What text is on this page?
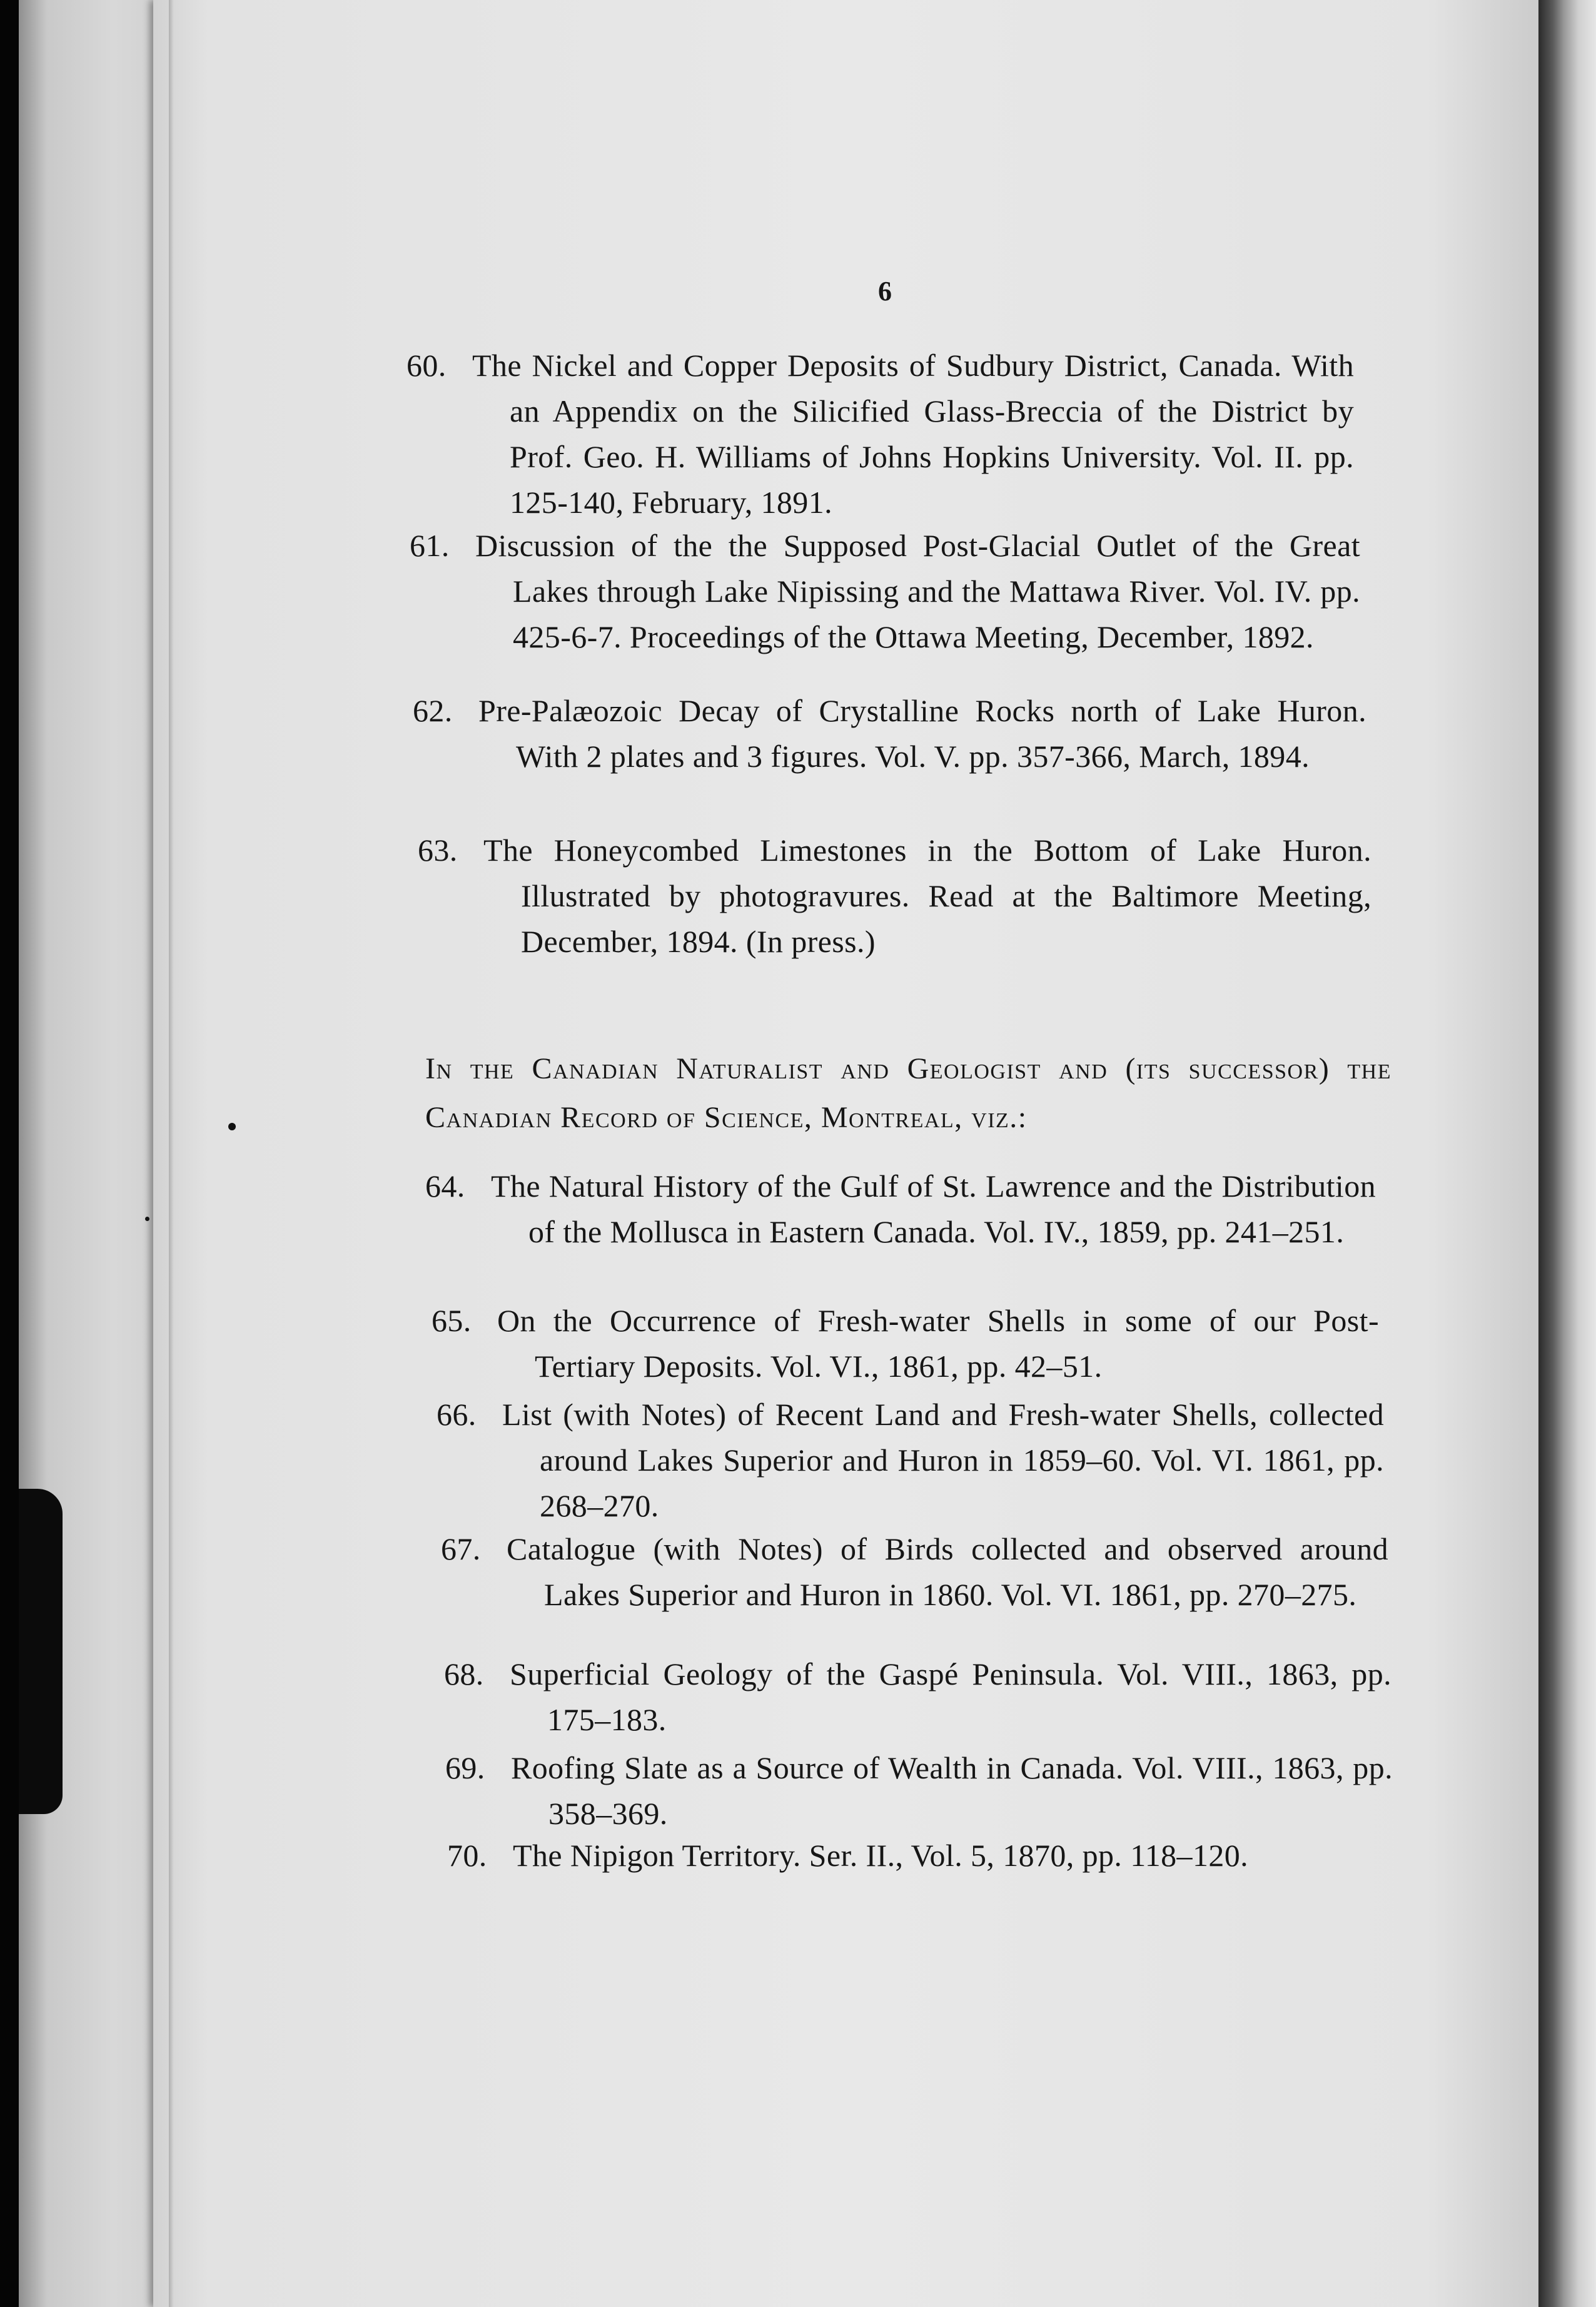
6
60. The Nickel and Copper Deposits of Sudbury District, Canada. With an Appendix on the Silicified Glass-Breccia of the District by Prof. Geo. H. Williams of Johns Hopkins University. Vol. II. pp. 125-140, February, 1891.
61. Discussion of the the Supposed Post-Glacial Outlet of the Great Lakes through Lake Nipissing and the Mattawa River. Vol. IV. pp. 425-6-7. Proceedings of the Ottawa Meeting, December, 1892.
62. Pre-Palæozoic Decay of Crystalline Rocks north of Lake Huron. With 2 plates and 3 figures. Vol. V. pp. 357-366, March, 1894.
63. The Honeycombed Limestones in the Bottom of Lake Huron. Illustrated by photogravures. Read at the Baltimore Meeting, December, 1894. (In press.)
In the Canadian Naturalist and Geologist and (its successor) the Canadian Record of Science, Montreal, viz.:
64. The Natural History of the Gulf of St. Lawrence and the Distribution of the Mollusca in Eastern Canada. Vol. IV., 1859, pp. 241–251.
65. On the Occurrence of Fresh-water Shells in some of our Post-Tertiary Deposits. Vol. VI., 1861, pp. 42–51.
66. List (with Notes) of Recent Land and Fresh-water Shells, collected around Lakes Superior and Huron in 1859–60. Vol. VI. 1861, pp. 268–270.
67. Catalogue (with Notes) of Birds collected and observed around Lakes Superior and Huron in 1860. Vol. VI. 1861, pp. 270–275.
68. Superficial Geology of the Gaspé Peninsula. Vol. VIII., 1863, pp. 175–183.
69. Roofing Slate as a Source of Wealth in Canada. Vol. VIII., 1863, pp. 358–369.
70. The Nipigon Territory. Ser. II., Vol. 5, 1870, pp. 118–120.
